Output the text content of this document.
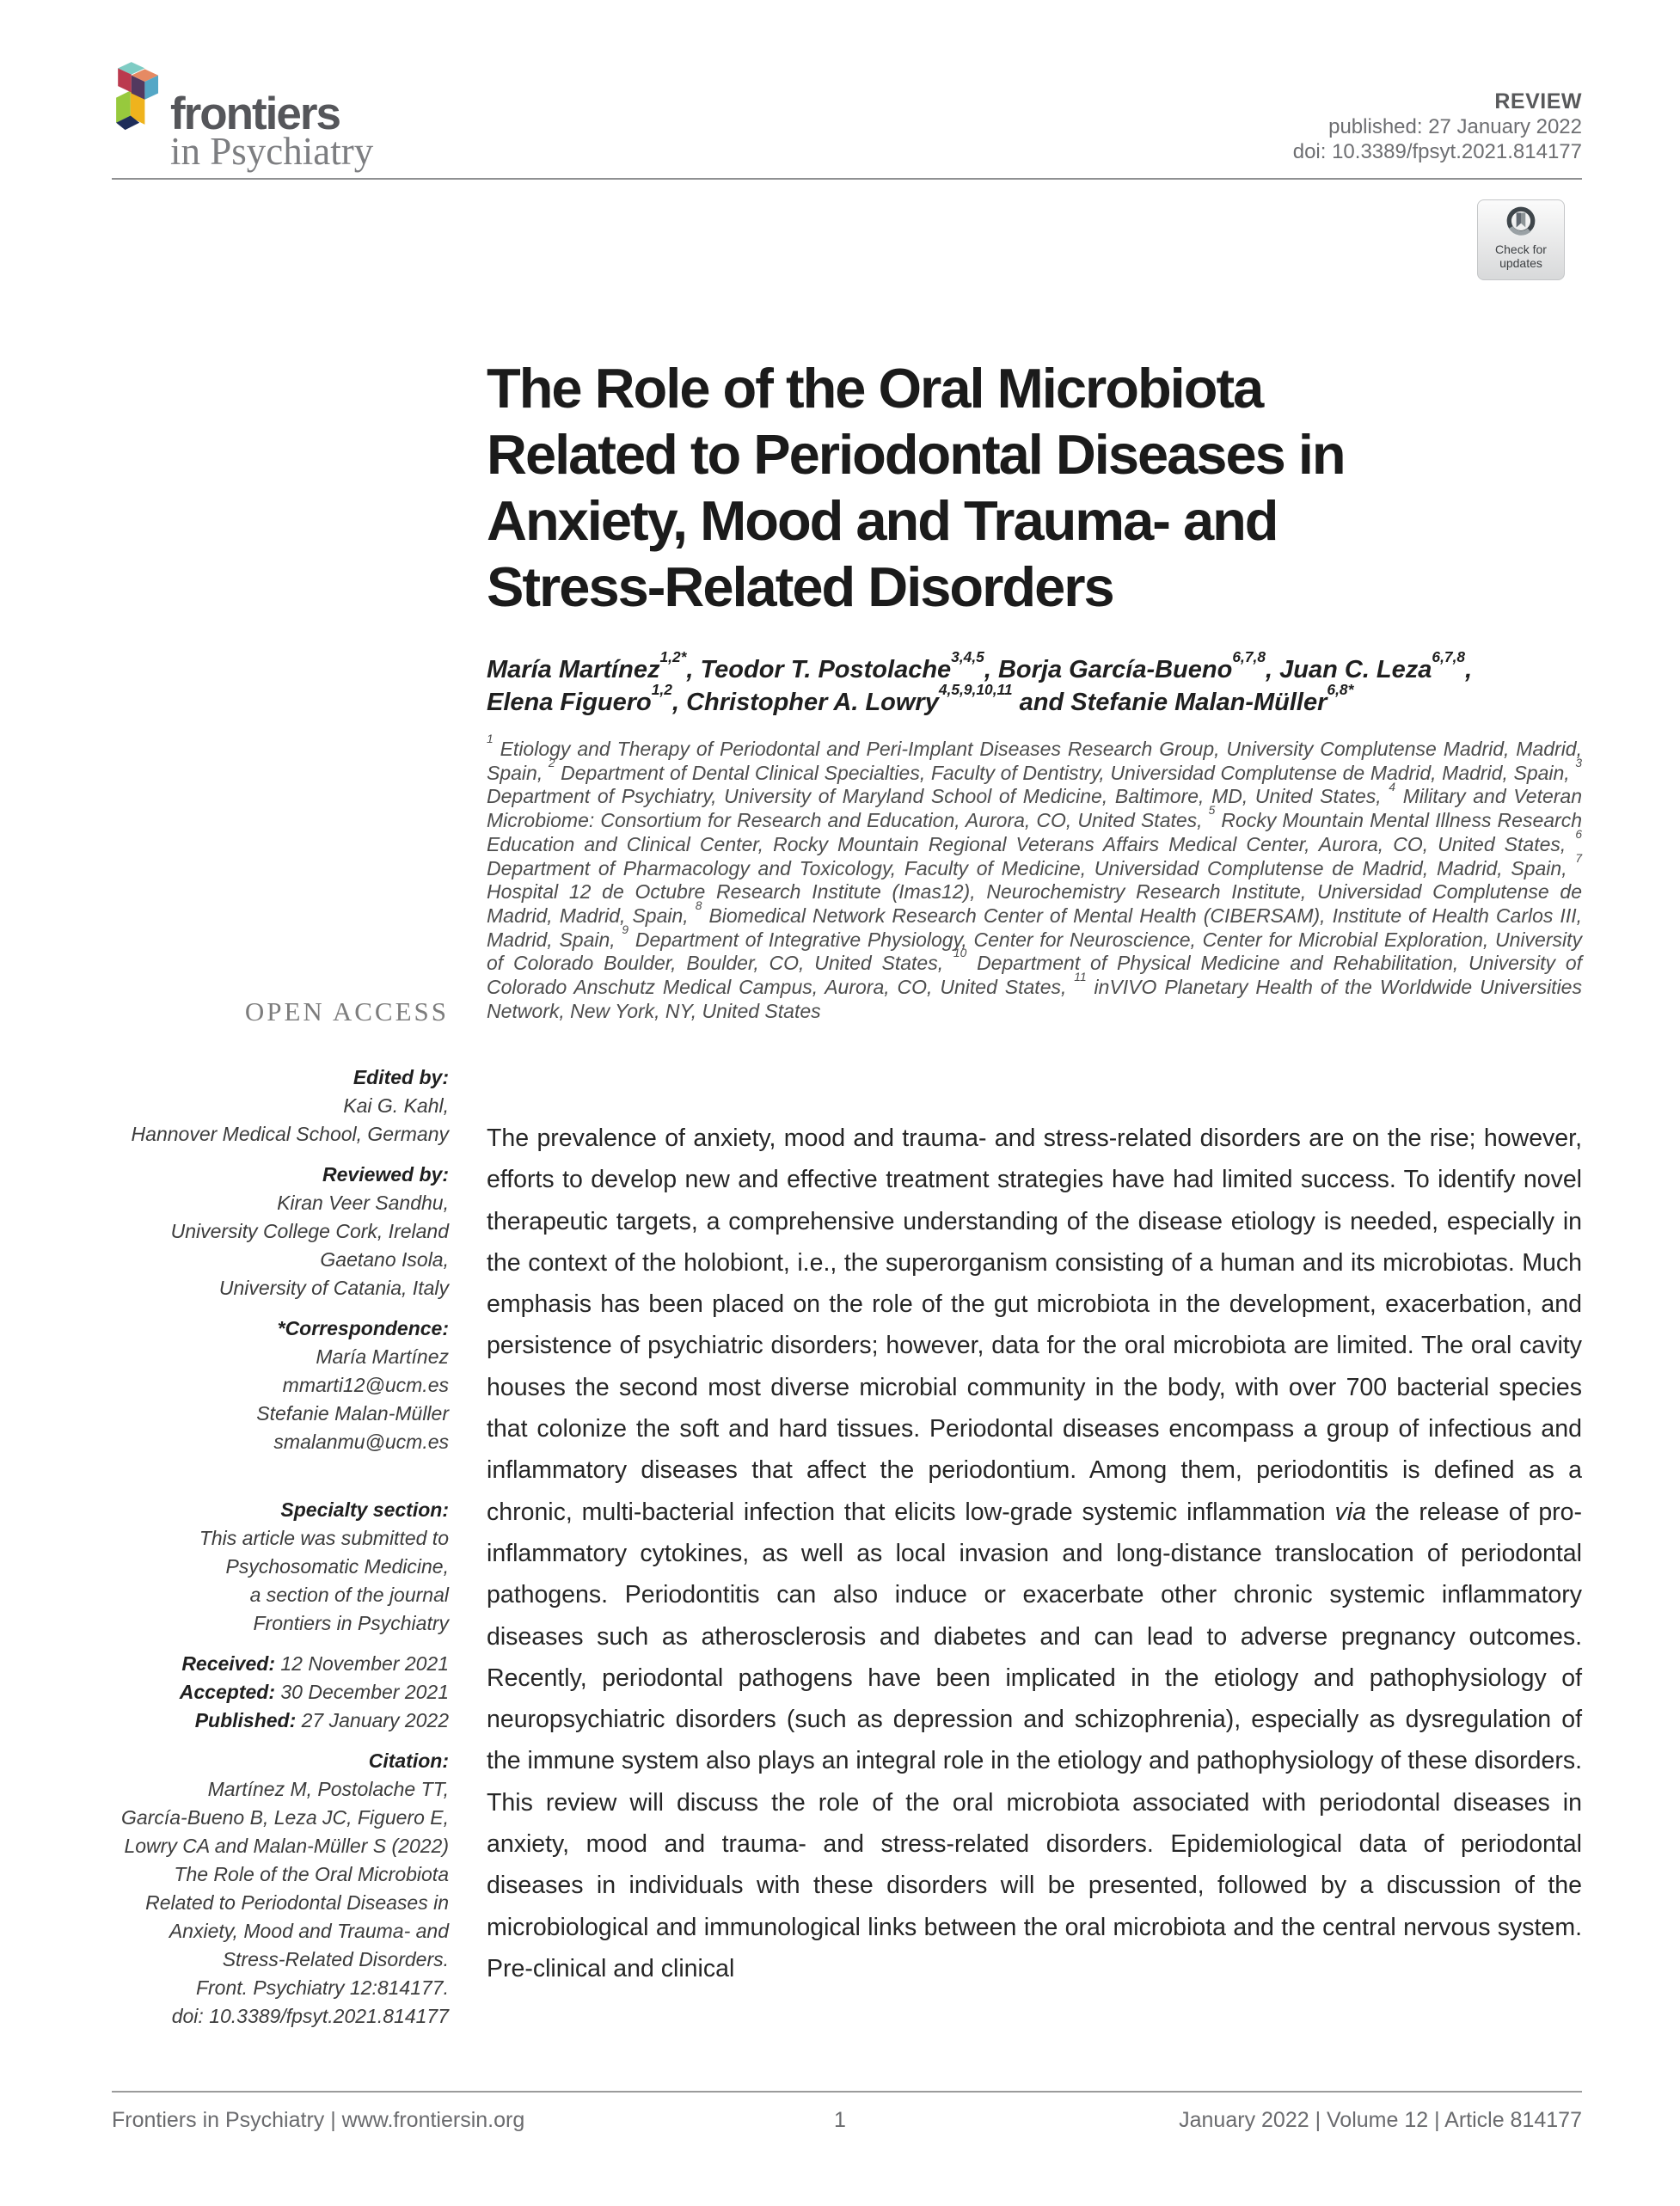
frontiers
in Psychiatry
REVIEW
published: 27 January 2022
doi: 10.3389/fpsyt.2021.814177
Check for
updates
The Role of the Oral Microbiota
Related to Periodontal Diseases in
Anxiety, Mood and Trauma- and
Stress-Related Disorders
María Martínez$^{1,2*}$, Teodor T. Postolache$^{3,4,5}$, Borja García-Bueno$^{6,7,8}$, Juan C. Leza$^{6,7,8}$,
Elena Figuero$^{1,2}$, Christopher A. Lowry$^{4,5,9,10,11}$ and Stefanie Malan-Müller$^{6,8*}$
$^1$ Etiology and Therapy of Periodontal and Peri-Implant Diseases Research Group, University Complutense Madrid, Madrid, Spain, $^2$ Department of Dental Clinical Specialties, Faculty of Dentistry, Universidad Complutense de Madrid, Madrid, Spain, $^3$ Department of Psychiatry, University of Maryland School of Medicine, Baltimore, MD, United States, $^4$ Military and Veteran Microbiome: Consortium for Research and Education, Aurora, CO, United States, $^5$ Rocky Mountain Mental Illness Research Education and Clinical Center, Rocky Mountain Regional Veterans Affairs Medical Center, Aurora, CO, United States, $^6$ Department of Pharmacology and Toxicology, Faculty of Medicine, Universidad Complutense de Madrid, Madrid, Spain, $^7$ Hospital 12 de Octubre Research Institute (Imas12), Neurochemistry Research Institute, Universidad Complutense de Madrid, Madrid, Spain, $^8$ Biomedical Network Research Center of Mental Health (CIBERSAM), Institute of Health Carlos III, Madrid, Spain, $^9$ Department of Integrative Physiology, Center for Neuroscience, Center for Microbial Exploration, University of Colorado Boulder, Boulder, CO, United States, $^{10}$ Department of Physical Medicine and Rehabilitation, University of Colorado Anschutz Medical Campus, Aurora, CO, United States, $^{11}$ inVIVO Planetary Health of the Worldwide Universities Network, New York, NY, United States
OPEN ACCESS
Edited by:
Kai G. Kahl,
Hannover Medical School, Germany
Reviewed by:
Kiran Veer Sandhu,
University College Cork, Ireland
Gaetano Isola,
University of Catania, Italy
*Correspondence:
María Martínez
mmarti12@ucm.es
Stefanie Malan-Müller
smalanmu@ucm.es
Specialty section:
This article was submitted to
Psychosomatic Medicine,
a section of the journal
Frontiers in Psychiatry
Received: 12 November 2021
Accepted: 30 December 2021
Published: 27 January 2022
Citation:
Martínez M, Postolache TT,
García-Bueno B, Leza JC, Figuero E,
Lowry CA and Malan-Müller S (2022)
The Role of the Oral Microbiota
Related to Periodontal Diseases in
Anxiety, Mood and Trauma- and
Stress-Related Disorders.
Front. Psychiatry 12:814177.
doi: 10.3389/fpsyt.2021.814177
The prevalence of anxiety, mood and trauma- and stress-related disorders are on the rise; however, efforts to develop new and effective treatment strategies have had limited success. To identify novel therapeutic targets, a comprehensive understanding of the disease etiology is needed, especially in the context of the holobiont, i.e., the superorganism consisting of a human and its microbiotas. Much emphasis has been placed on the role of the gut microbiota in the development, exacerbation, and persistence of psychiatric disorders; however, data for the oral microbiota are limited. The oral cavity houses the second most diverse microbial community in the body, with over 700 bacterial species that colonize the soft and hard tissues. Periodontal diseases encompass a group of infectious and inflammatory diseases that affect the periodontium. Among them, periodontitis is defined as a chronic, multi-bacterial infection that elicits low-grade systemic inflammation via the release of pro-inflammatory cytokines, as well as local invasion and long-distance translocation of periodontal pathogens. Periodontitis can also induce or exacerbate other chronic systemic inflammatory diseases such as atherosclerosis and diabetes and can lead to adverse pregnancy outcomes. Recently, periodontal pathogens have been implicated in the etiology and pathophysiology of neuropsychiatric disorders (such as depression and schizophrenia), especially as dysregulation of the immune system also plays an integral role in the etiology and pathophysiology of these disorders. This review will discuss the role of the oral microbiota associated with periodontal diseases in anxiety, mood and trauma- and stress-related disorders. Epidemiological data of periodontal diseases in individuals with these disorders will be presented, followed by a discussion of the microbiological and immunological links between the oral microbiota and the central nervous system. Pre-clinical and clinical
Frontiers in Psychiatry | www.frontiersin.org	1	January 2022 | Volume 12 | Article 814177
